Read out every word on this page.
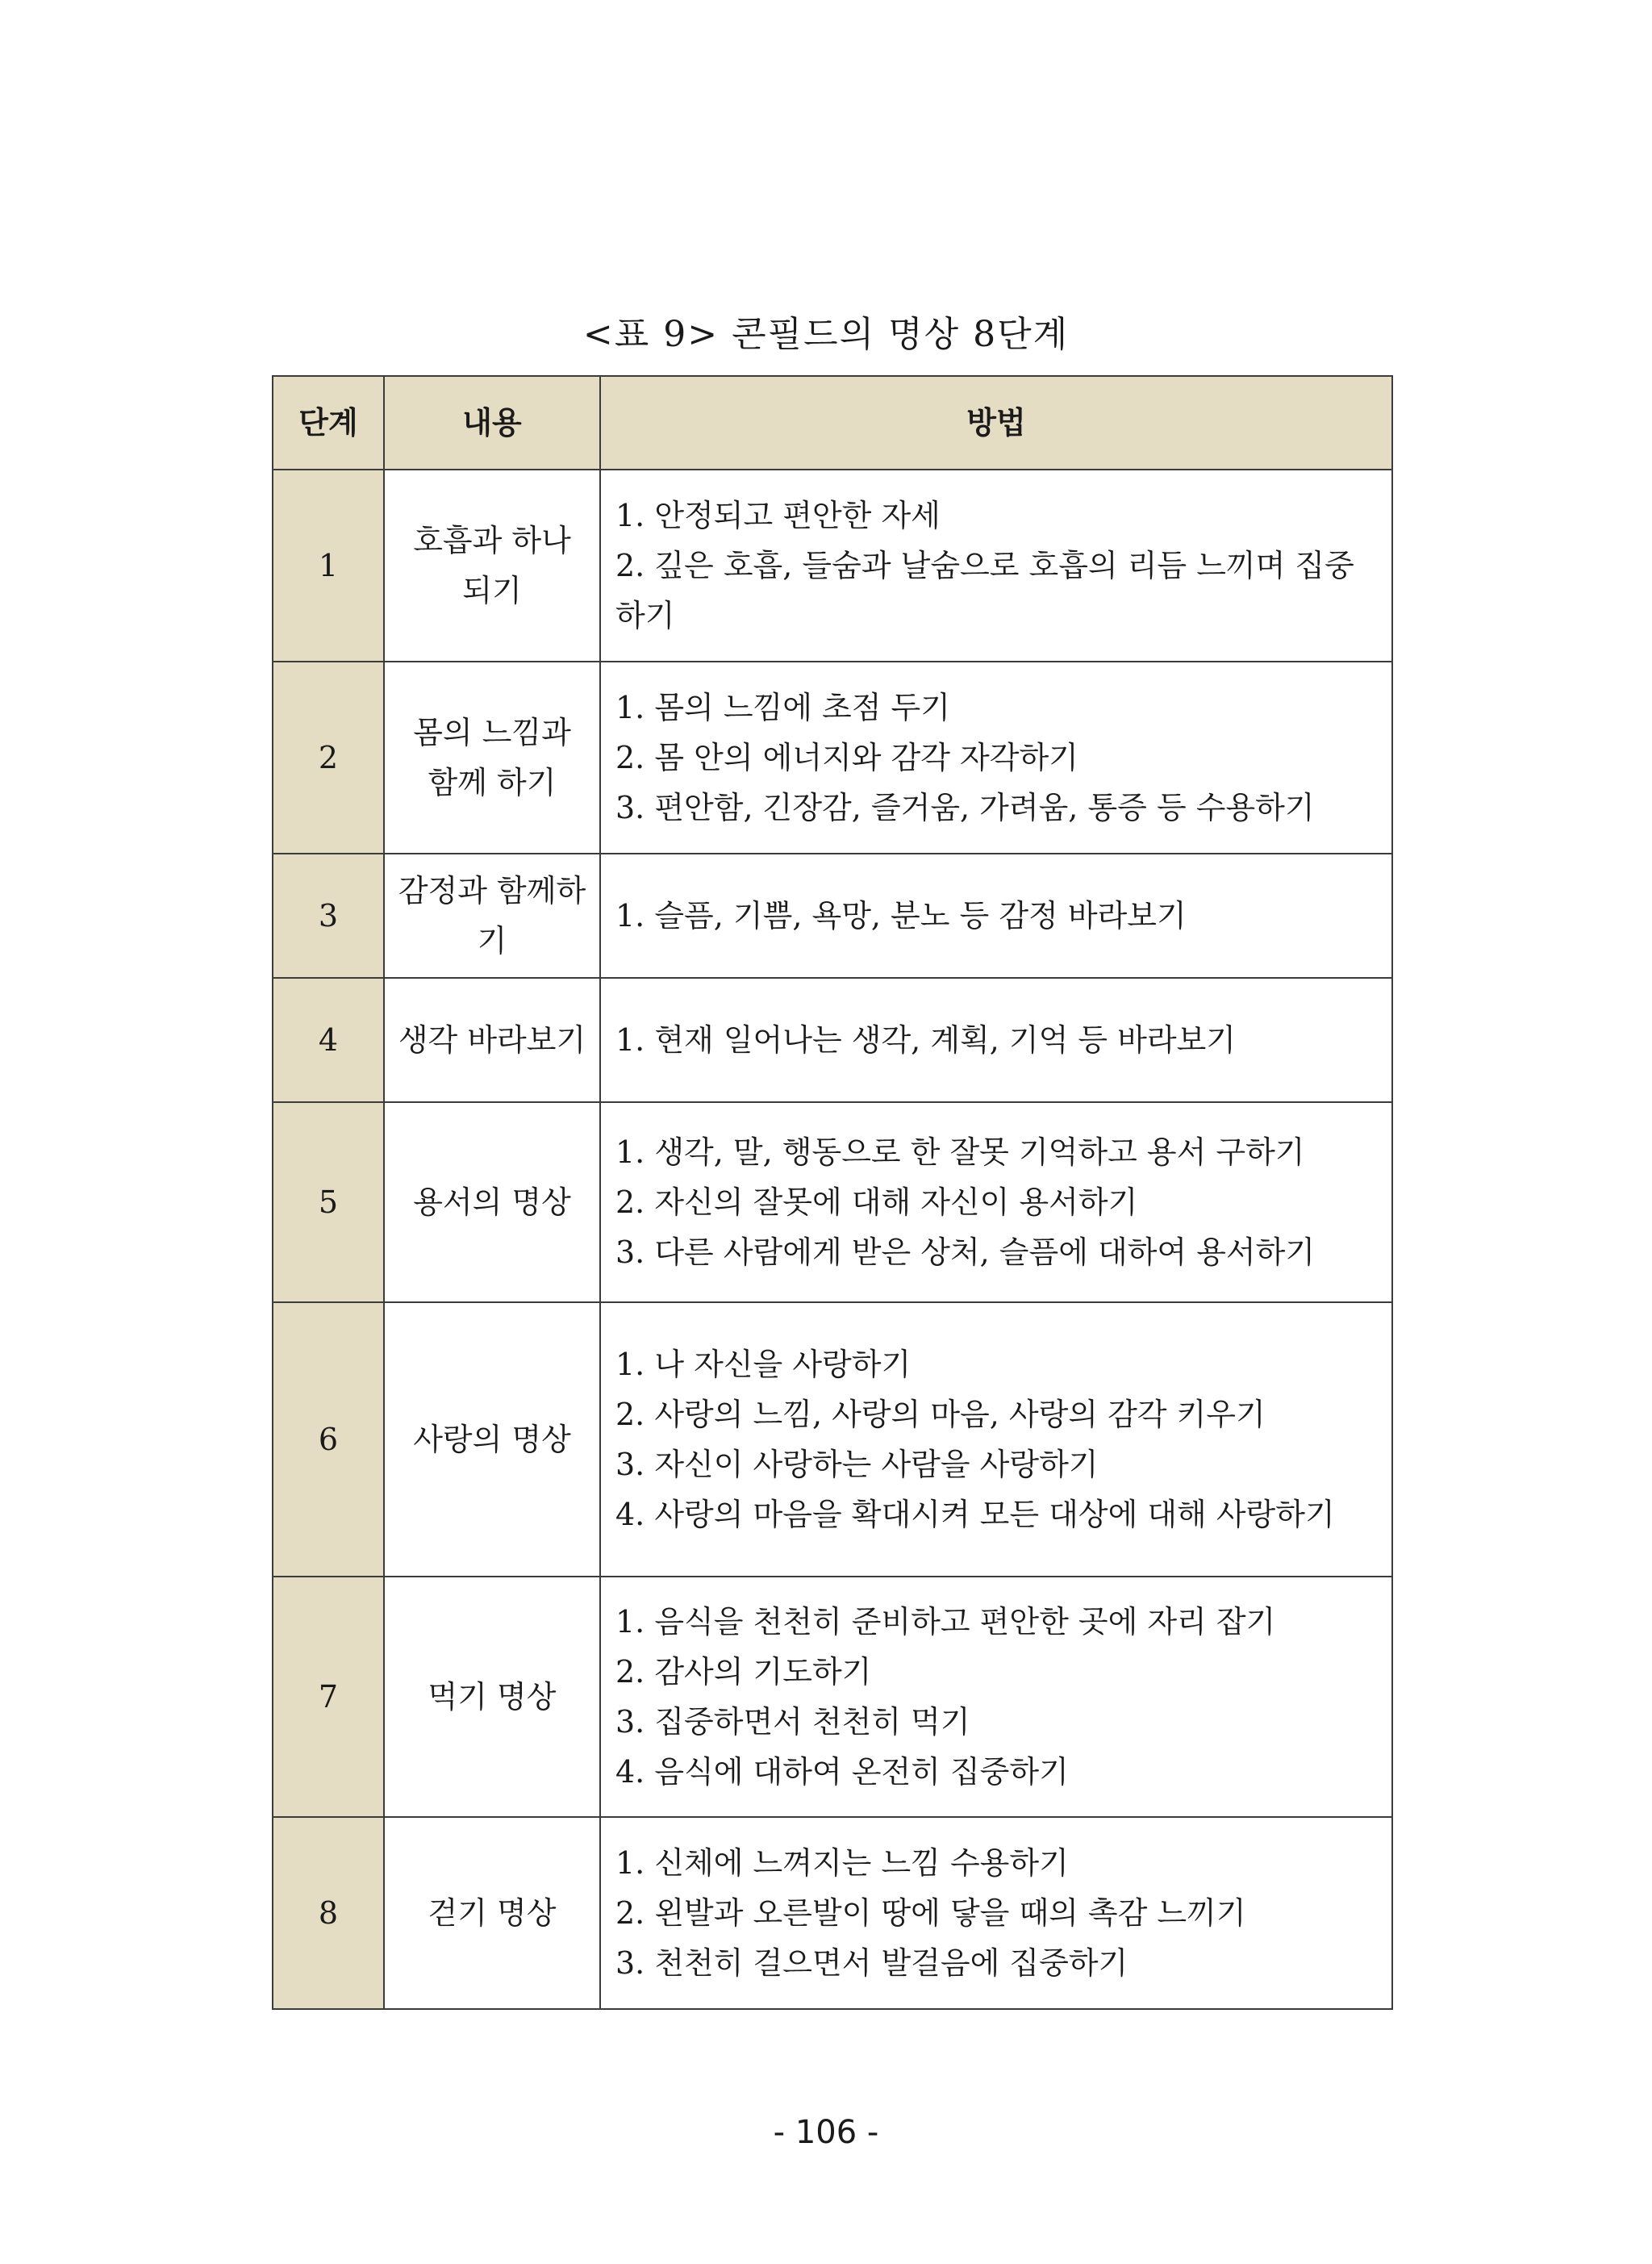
<표 9> 콘필드의 명상 8단계
단계	내용	방법
1	호흡과 하나 되기	1. 안정되고 편안한 자세
2. 깊은 호흡, 들숨과 날숨으로 호흡의 리듬 느끼며 집중하기

2	몸의 느낌과 함께 하기	1. 몸의 느낌에 초점 두기
2. 몸 안의 에너지와 감각 자각하기
3. 편안함, 긴장감, 즐거움, 가려움, 통증 등 수용하기

3	감정과 함께하기	1. 슬픔, 기쁨, 욕망, 분노 등 감정 바라보기

4	생각 바라보기	1. 현재 일어나는 생각, 계획, 기억 등 바라보기

5	용서의 명상	1. 생각, 말, 행동으로 한 잘못 기억하고 용서 구하기
2. 자신의 잘못에 대해 자신이 용서하기
3. 다른 사람에게 받은 상처, 슬픔에 대하여 용서하기

6	사랑의 명상	1. 나 자신을 사랑하기
2. 사랑의 느낌, 사랑의 마음, 사랑의 감각 키우기
3. 자신이 사랑하는 사람을 사랑하기
4. 사랑의 마음을 확대시켜 모든 대상에 대해 사랑하기

7	먹기 명상	1. 음식을 천천히 준비하고 편안한 곳에 자리 잡기
2. 감사의 기도하기
3. 집중하면서 천천히 먹기
4. 음식에 대하여 온전히 집중하기

8	걷기 명상	1. 신체에 느껴지는 느낌 수용하기
2. 왼발과 오른발이 땅에 닿을 때의 촉감 느끼기
3. 천천히 걸으면서 발걸음에 집중하기
- 106 -
